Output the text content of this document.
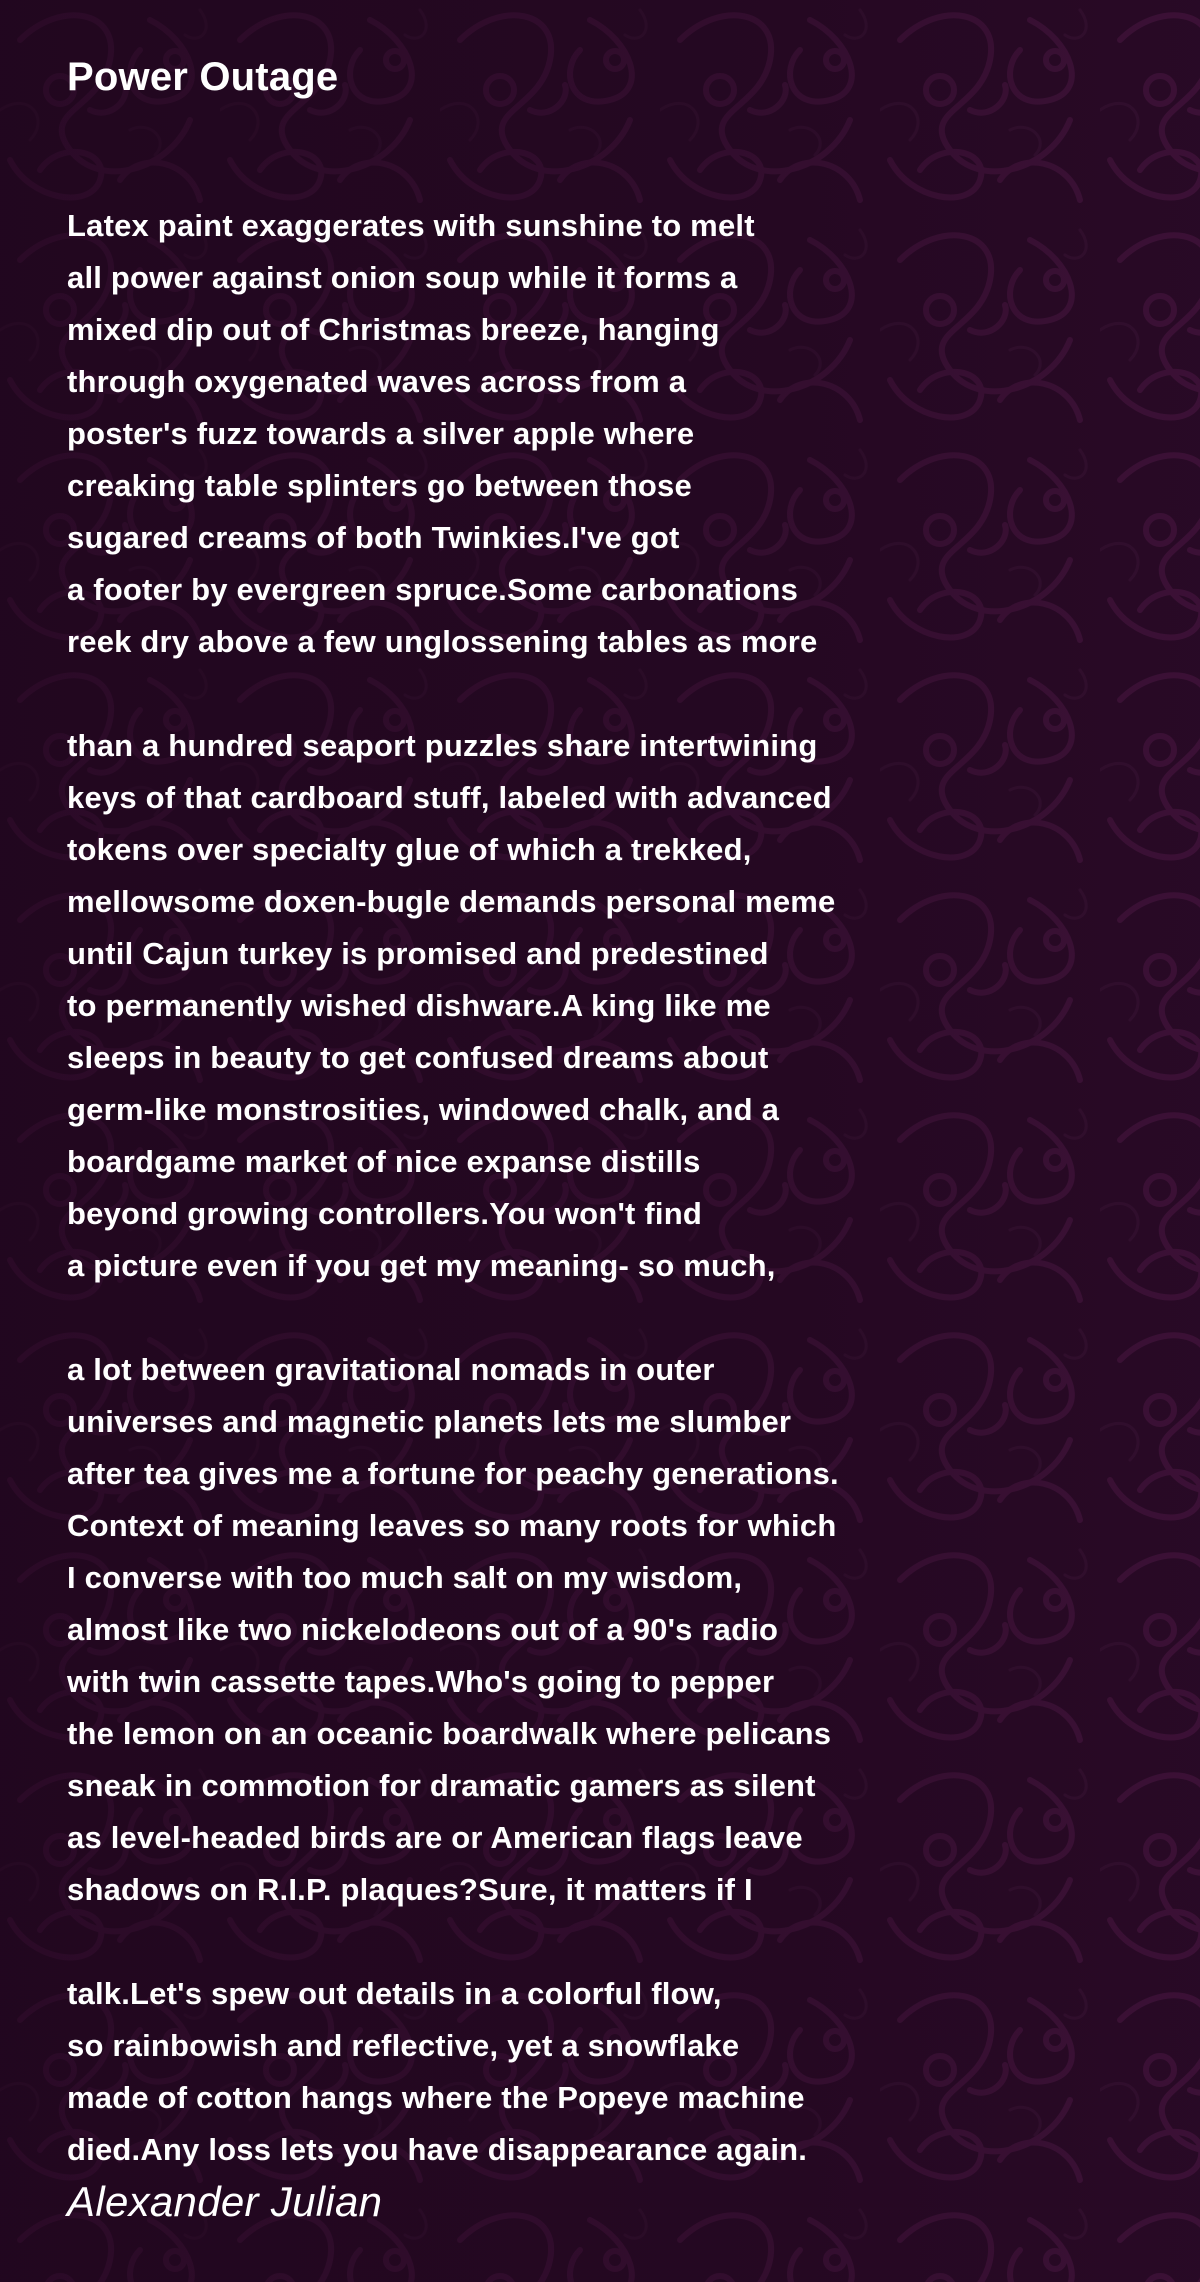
Power Outage
Latex paint exaggerates with sunshine to melt
all power against onion soup while it forms a
mixed dip out of Christmas breeze, hanging
through oxygenated waves across from a
poster's fuzz towards a silver apple where
creaking table splinters go between those
sugared creams of both Twinkies.I've got
a footer by evergreen spruce.Some carbonations
reek dry above a few unglossening tables as more
than a hundred seaport puzzles share intertwining
keys of that cardboard stuff, labeled with advanced
tokens over specialty glue of which a trekked,
mellowsome doxen-bugle demands personal meme
until Cajun turkey is promised and predestined
to permanently wished dishware.A king like me
sleeps in beauty to get confused dreams about
germ-like monstrosities, windowed chalk, and a
boardgame market of nice expanse distills
beyond growing controllers.You won't find
a picture even if you get my meaning- so much,
a lot between gravitational nomads in outer
universes and magnetic planets lets me slumber
after tea gives me a fortune for peachy generations.
Context of meaning leaves so many roots for which
I converse with too much salt on my wisdom,
almost like two nickelodeons out of a 90's radio
with twin cassette tapes.Who's going to pepper
the lemon on an oceanic boardwalk where pelicans
sneak in commotion for dramatic gamers as silent
as level-headed birds are or American flags leave
shadows on R.I.P. plaques?Sure, it matters if I
talk.Let's spew out details in a colorful flow,
so rainbowish and reflective, yet a snowflake
made of cotton hangs where the Popeye machine
died.Any loss lets you have disappearance again.
Alexander Julian
